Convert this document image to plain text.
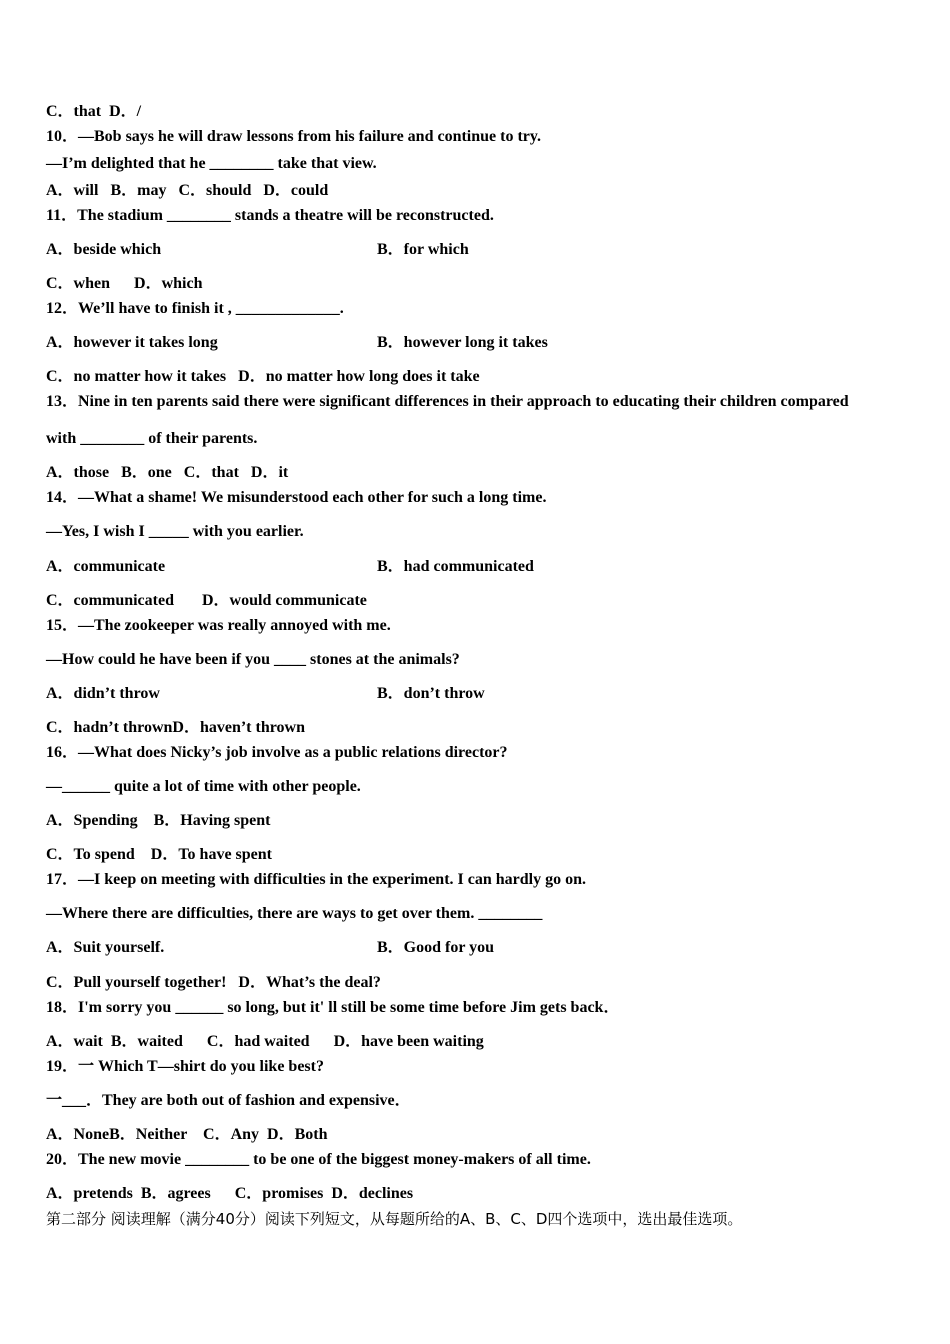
C．that  D．/
10．—Bob says he will draw lessons from his failure and continue to try.
—I’m delighted that he ________ take that view.
A．will   B．may   C．should   D．could
11．The stadium ________ stands a theatre will be reconstructed.
A．beside which	B．for which
C．when      D．which
12．We’ll have to finish it , _____________.
A．however it takes long	B．however long it takes
C．no matter how it takes   D．no matter how long does it take
13．Nine in ten parents said there were significant differences in their approach to educating their children compared
with ________ of their parents.
A．those   B．one   C．that   D．it
14．—What a shame! We misunderstood each other for such a long time.
—Yes, I wish I _____ with you earlier.
A．communicate	B．had communicated
C．communicated       D．would communicate
15．—The zookeeper was really annoyed with me.
—How could he have been if you ____ stones at the animals?
A．didn’t throw	B．don’t throw
C．hadn’t thrownD．haven’t thrown
16．—What does Nicky’s job involve as a public relations director?
—______ quite a lot of time with other people.
A．Spending    B．Having spent
C．To spend    D．To have spent
17．—I keep on meeting with difficulties in the experiment. I can hardly go on.
—Where there are difficulties, there are ways to get over them. ________
A．Suit yourself.	B．Good for you
C．Pull yourself together!   D．What’s the deal?
18．I'm sorry you ______ so long, but it' ll still be some time before Jim gets back．
A．wait  B．waited      C．had waited      D．have been waiting
19．一 Which T—shirt do you like best?
一___．They are both out of fashion and expensive．
A．NoneB．Neither    C．Any  D．Both
20．The new movie ________ to be one of the biggest money-makers of all time.
A．pretends  B．agrees      C．promises  D．declines
第二部分 阅读理解（满分40分）阅读下列短文，从每题所给的A、B、C、D四个选项中，选出最佳选项。
